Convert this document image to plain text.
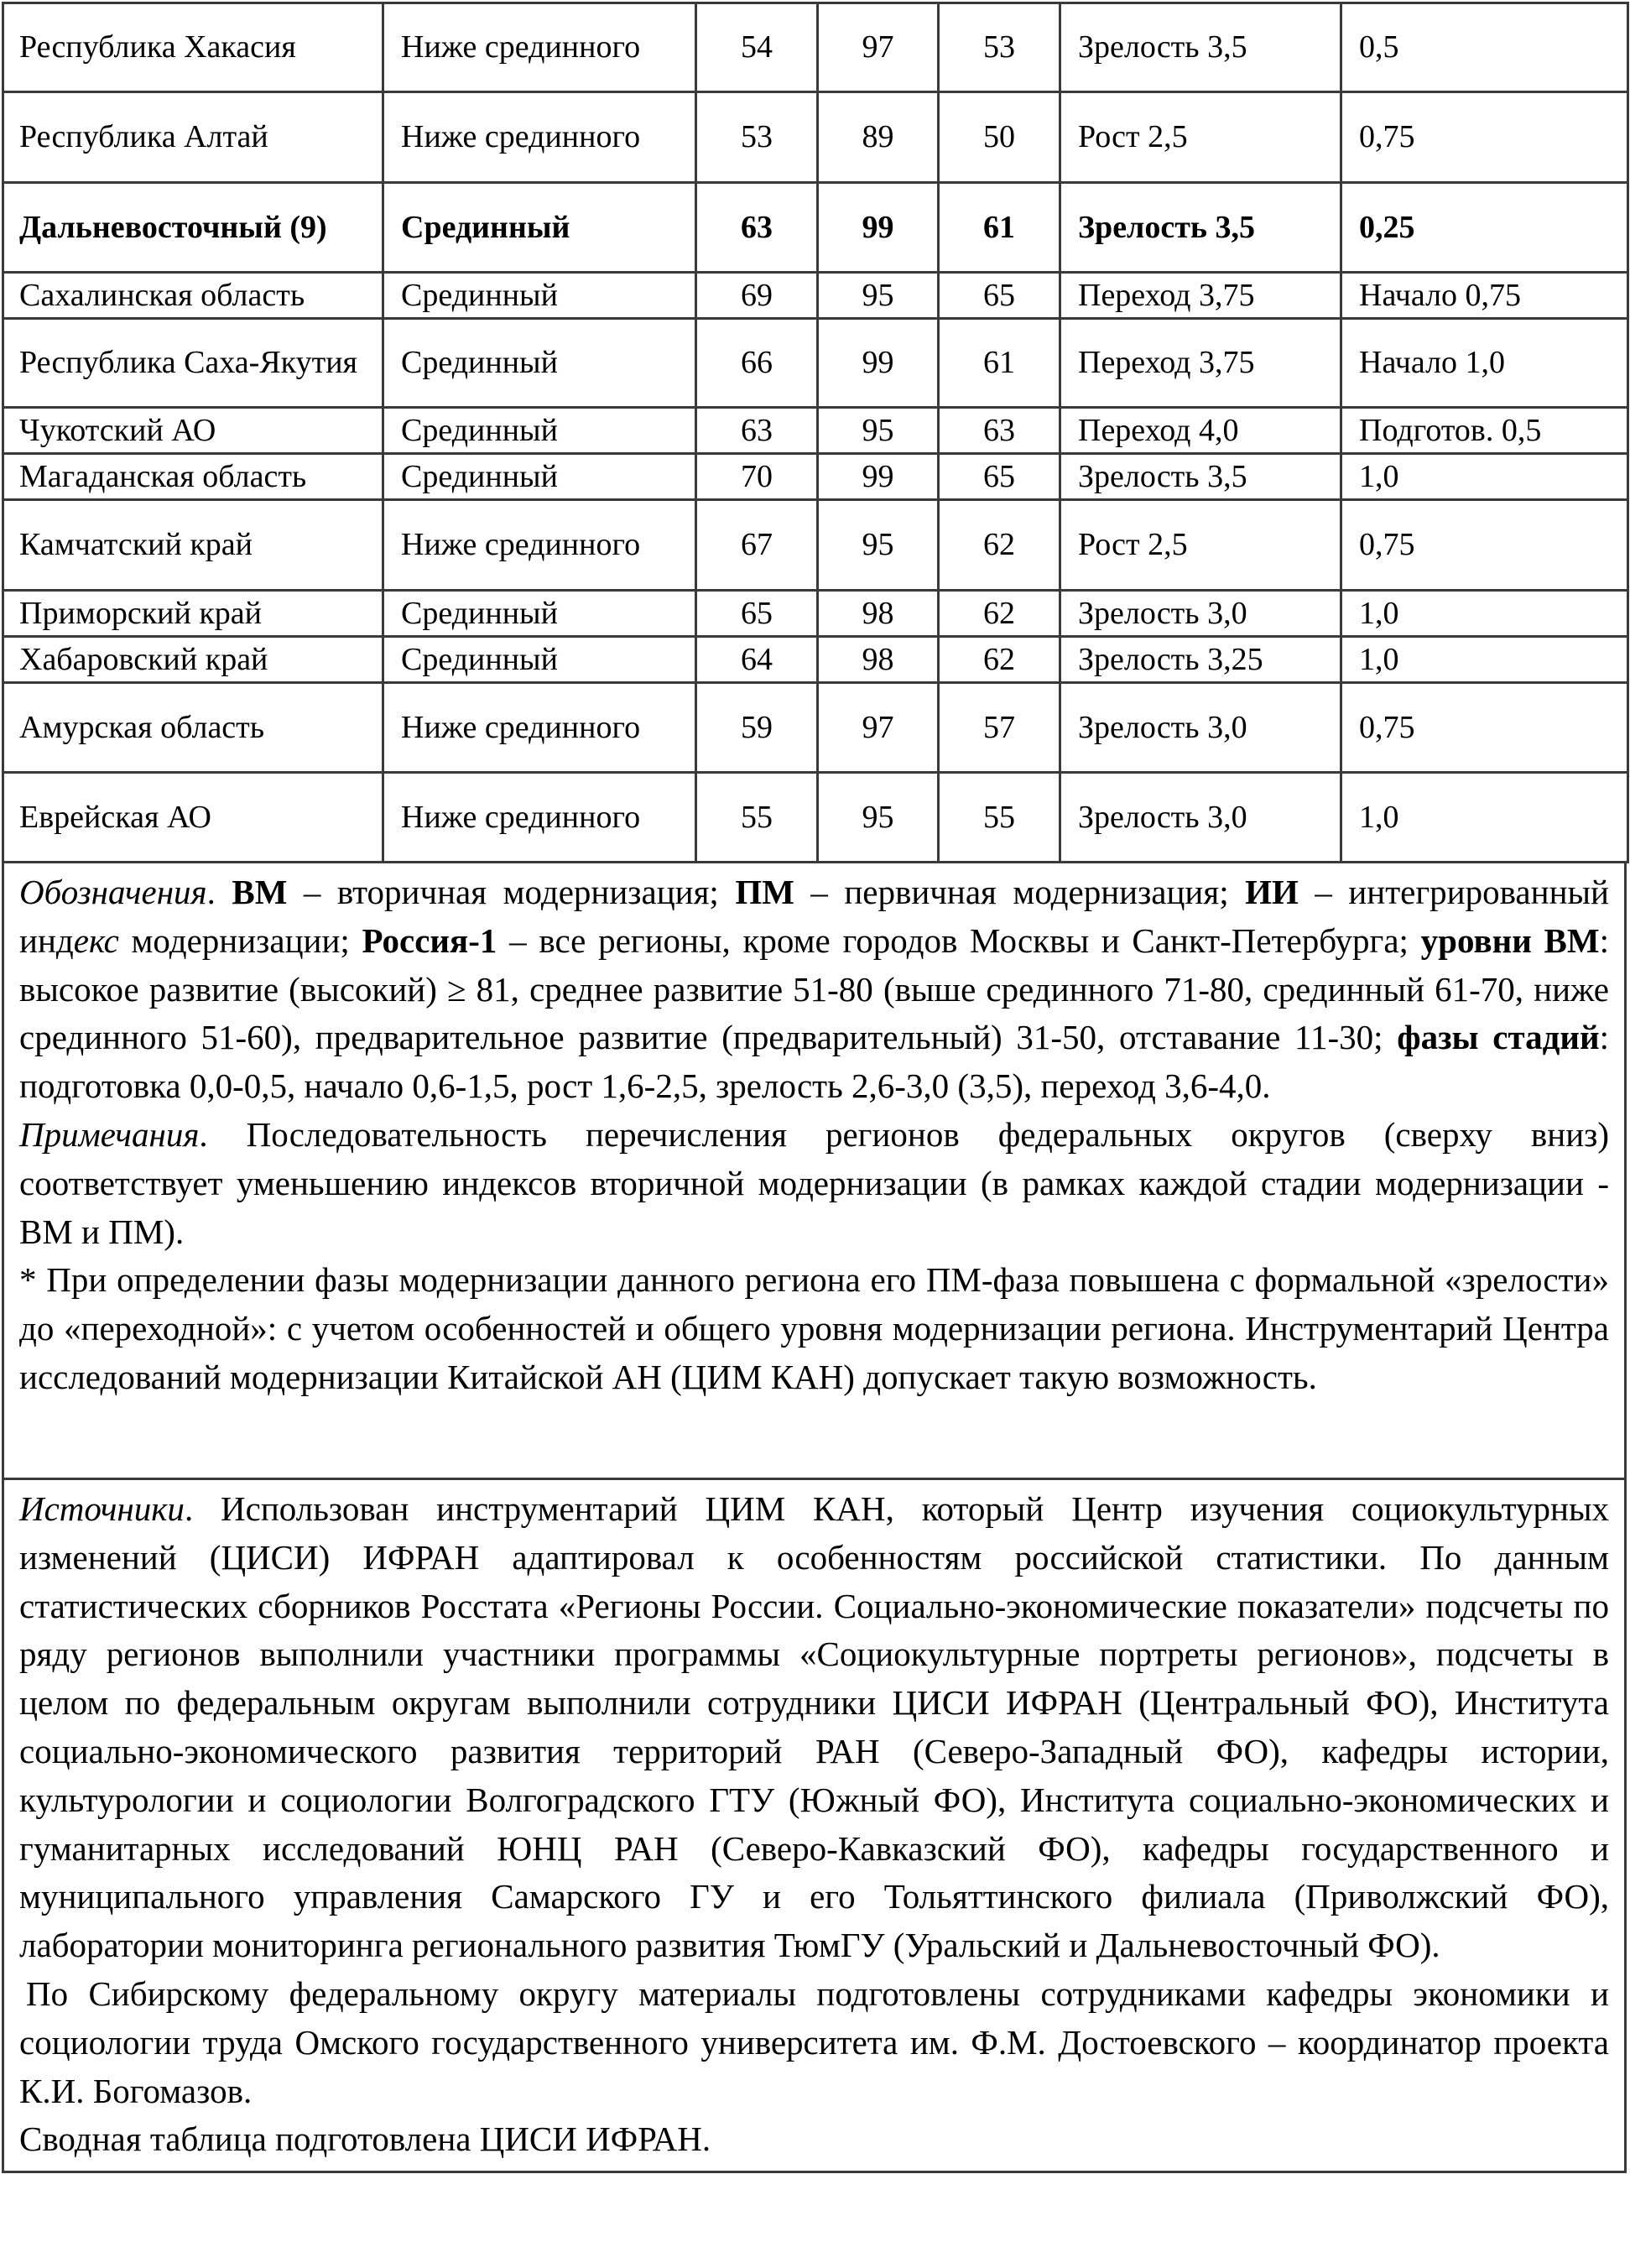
Республика Хакасия	Ниже срединного	54	97	53	Зрелость 3,5	0,5
Республика Алтай	Ниже срединного	53	89	50	Рост 2,5	0,75
Дальневосточный (9)	Срединный	63	99	61	Зрелость 3,5	0,25
Сахалинская область	Срединный	69	95	65	Переход 3,75	Начало 0,75
Республика Саха-Якутия	Срединный	66	99	61	Переход 3,75	Начало 1,0
Чукотский АО	Срединный	63	95	63	Переход 4,0	Подготов. 0,5
Магаданская область	Срединный	70	99	65	Зрелость 3,5	1,0
Камчатский край	Ниже срединного	67	95	62	Рост 2,5	0,75
Приморский край	Срединный	65	98	62	Зрелость 3,0	1,0
Хабаровский край	Срединный	64	98	62	Зрелость 3,25	1,0
Амурская область	Ниже срединного	59	97	57	Зрелость 3,0	0,75
Еврейская АО	Ниже срединного	55	95	55	Зрелость 3,0	1,0

Обозначения. ВМ – вторичная модернизация; ПМ – первичная модернизация; ИИ – интегрированный индекс модернизации; Россия-1 – все регионы, кроме городов Москвы и Санкт-Петербурга; уровни ВМ: высокое развитие (высокий) ≥ 81, среднее развитие 51-80 (выше срединного 71-80, срединный 61-70, ниже срединного 51-60), предварительное развитие (предварительный) 31-50, отставание 11-30; фазы стадий: подготовка 0,0-0,5, начало 0,6-1,5, рост 1,6-2,5, зрелость 2,6-3,0 (3,5), переход 3,6-4,0.

Примечания. Последовательность перечисления регионов федеральных округов (сверху вниз) соответствует уменьшению индексов вторичной модернизации (в рамках каждой стадии модернизации - ВМ и ПМ).

* При определении фазы модернизации данного региона его ПМ-фаза повышена с формальной «зрелости» до «переходной»: с учетом особенностей и общего уровня модернизации региона. Инструментарий Центра исследований модернизации Китайской АН (ЦИМ КАН) допускает такую возможность.

Источники. Использован инструментарий ЦИМ КАН, который Центр изучения социокультурных изменений (ЦИСИ) ИФРАН адаптировал к особенностям российской статистики. По данным статистических сборников Росстата «Регионы России. Социально-экономические показатели» подсчеты по ряду регионов выполнили участники программы «Социокультурные портреты регионов», подсчеты в целом по федеральным округам выполнили сотрудники ЦИСИ ИФРАН (Центральный ФО), Института социально-экономического развития территорий РАН (Северо-Западный ФО), кафедры истории, культурологии и социологии Волгоградского ГТУ (Южный ФО), Института социально-экономических и гуманитарных исследований ЮНЦ РАН (Северо-Кавказский ФО), кафедры государственного и муниципального управления Самарского ГУ и его Тольяттинского филиала (Приволжский ФО), лаборатории мониторинга регионального развития ТюмГУ (Уральский и Дальневосточный ФО).

По Сибирскому федеральному округу материалы подготовлены сотрудниками кафедры экономики и социологии труда Омского государственного университета им. Ф.М. Достоевского – координатор проекта К.И. Богомазов.

Сводная таблица подготовлена ЦИСИ ИФРАН.
